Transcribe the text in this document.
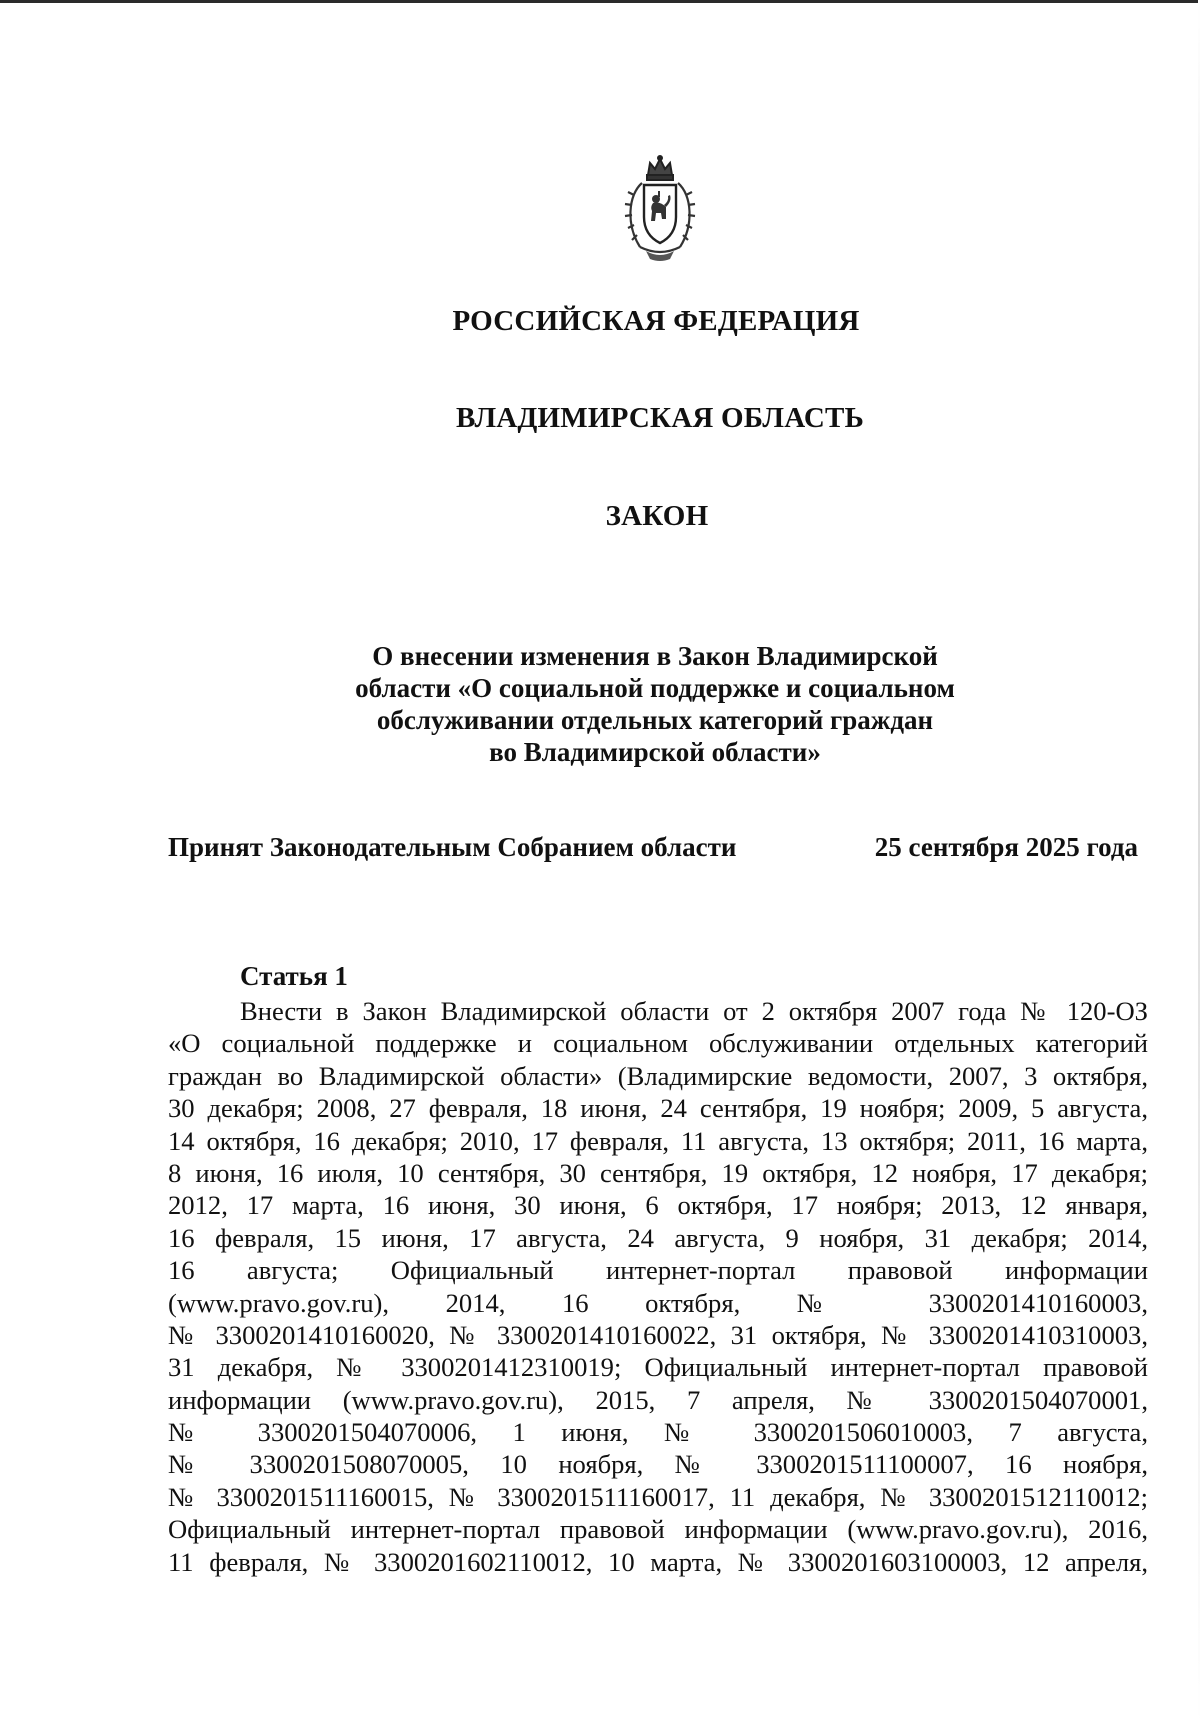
РОССИЙСКАЯ ФЕДЕРАЦИЯ

ВЛАДИМИРСКАЯ ОБЛАСТЬ

ЗАКОН

О внесении изменения в Закон Владимирской
области «О социальной поддержке и социальном
обслуживании отдельных категорий граждан
во Владимирской области»
Принят Законодательным Собранием области	25 сентября 2025 года

Статья 1

Внести в Закон Владимирской области от 2 октября 2007 года № 120-ОЗ
«О социальной поддержке и социальном обслуживании отдельных категорий
граждан во Владимирской области» (Владимирские ведомости, 2007, 3 октября,
30 декабря; 2008, 27 февраля, 18 июня, 24 сентября, 19 ноября; 2009, 5 августа,
14 октября, 16 декабря; 2010, 17 февраля, 11 августа, 13 октября; 2011, 16 марта,
8 июня, 16 июля, 10 сентября, 30 сентября, 19 октября, 12 ноября, 17 декабря;
2012, 17 марта, 16 июня, 30 июня, 6 октября, 17 ноября; 2013, 12 января,
16 февраля, 15 июня, 17 августа, 24 августа, 9 ноября, 31 декабря; 2014,
16 августа; Официальный интернет-портал правовой информации
(www.pravo.gov.ru), 2014, 16 октября, № 3300201410160003,
№ 3300201410160020, № 3300201410160022, 31 октября, № 3300201410310003,
31 декабря, № 3300201412310019; Официальный интернет-портал правовой
информации (www.pravo.gov.ru), 2015, 7 апреля, № 3300201504070001,
№ 3300201504070006, 1 июня, № 3300201506010003, 7 августа,
№ 3300201508070005, 10 ноября, № 3300201511100007, 16 ноября,
№ 3300201511160015, № 3300201511160017, 11 декабря, № 3300201512110012;
Официальный интернет-портал правовой информации (www.pravo.gov.ru), 2016,
11 февраля, № 3300201602110012, 10 марта, № 3300201603100003, 12 апреля,
